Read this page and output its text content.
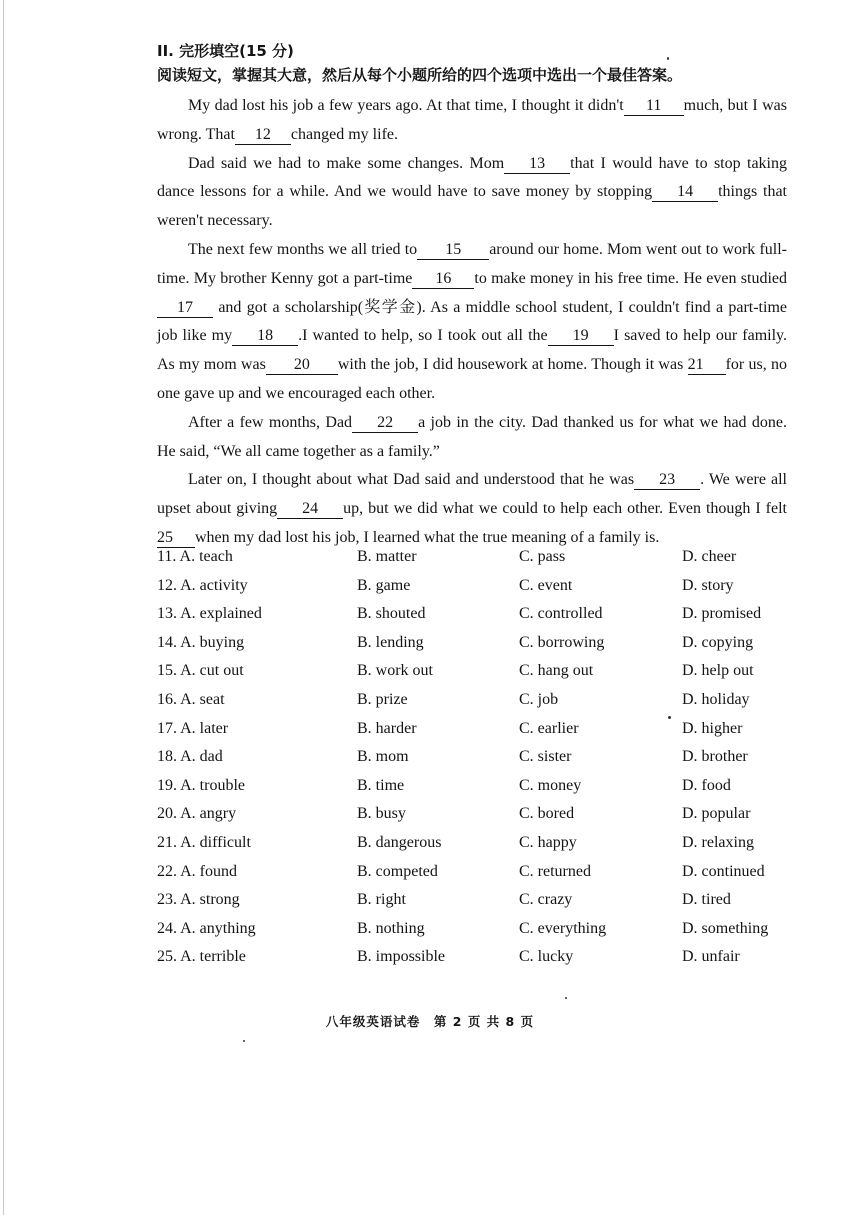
II. 完形填空(15 分)
阅读短文，掌握其大意，然后从每个小题所给的四个选项中选出一个最佳答案。

My dad lost his job a few years ago. At that time, I thought it didn't 11 much, but I was wrong. That 12 changed my life.

Dad said we had to make some changes. Mom 13 that I would have to stop taking dance lessons for a while. And we would have to save money by stopping 14 things that weren't necessary.

The next few months we all tried to 15 around our home. Mom went out to work full-time. My brother Kenny got a part-time 16 to make money in his free time. He even studied17 and got a scholarship(奖学金). As a middle school student, I couldn't find a part-time job like my 18 .I wanted to help, so I took out all the 19 I saved to help our family. As my mom was 20 with the job, I did housework at home. Though it was 21 for us, no one gave up and we encouraged each other.

After a few months, Dad 22 a job in the city. Dad thanked us for what we had done. He said, “We all came together as a family.”

Later on, I thought about what Dad said and understood that he was 23 . We were all upset about giving 24 up, but we did what we could to help each other. Even though I felt 25 when my dad lost his job, I learned what the true meaning of a family is.

11. A. teach	B. matter	C. pass	D. cheer
12. A. activity	B. game	C. event	D. story
13. A. explained	B. shouted	C. controlled	D. promised
14. A. buying	B. lending	C. borrowing	D. copying
15. A. cut out	B. work out	C. hang out	D. help out
16. A. seat	B. prize	C. job	D. holiday
17. A. later	B. harder	C. earlier	D. higher
18. A. dad	B. mom	C. sister	D. brother
19. A. trouble	B. time	C. money	D. food
20. A. angry	B. busy	C. bored	D. popular
21. A. difficult	B. dangerous	C. happy	D. relaxing
22. A. found	B. competed	C. returned	D. continued
23. A. strong	B. right	C. crazy	D. tired
24. A. anything	B. nothing	C. everything	D. something
25. A. terrible	B. impossible	C. lucky	D. unfair
八年级英语试卷　第 2 页 共 8 页
